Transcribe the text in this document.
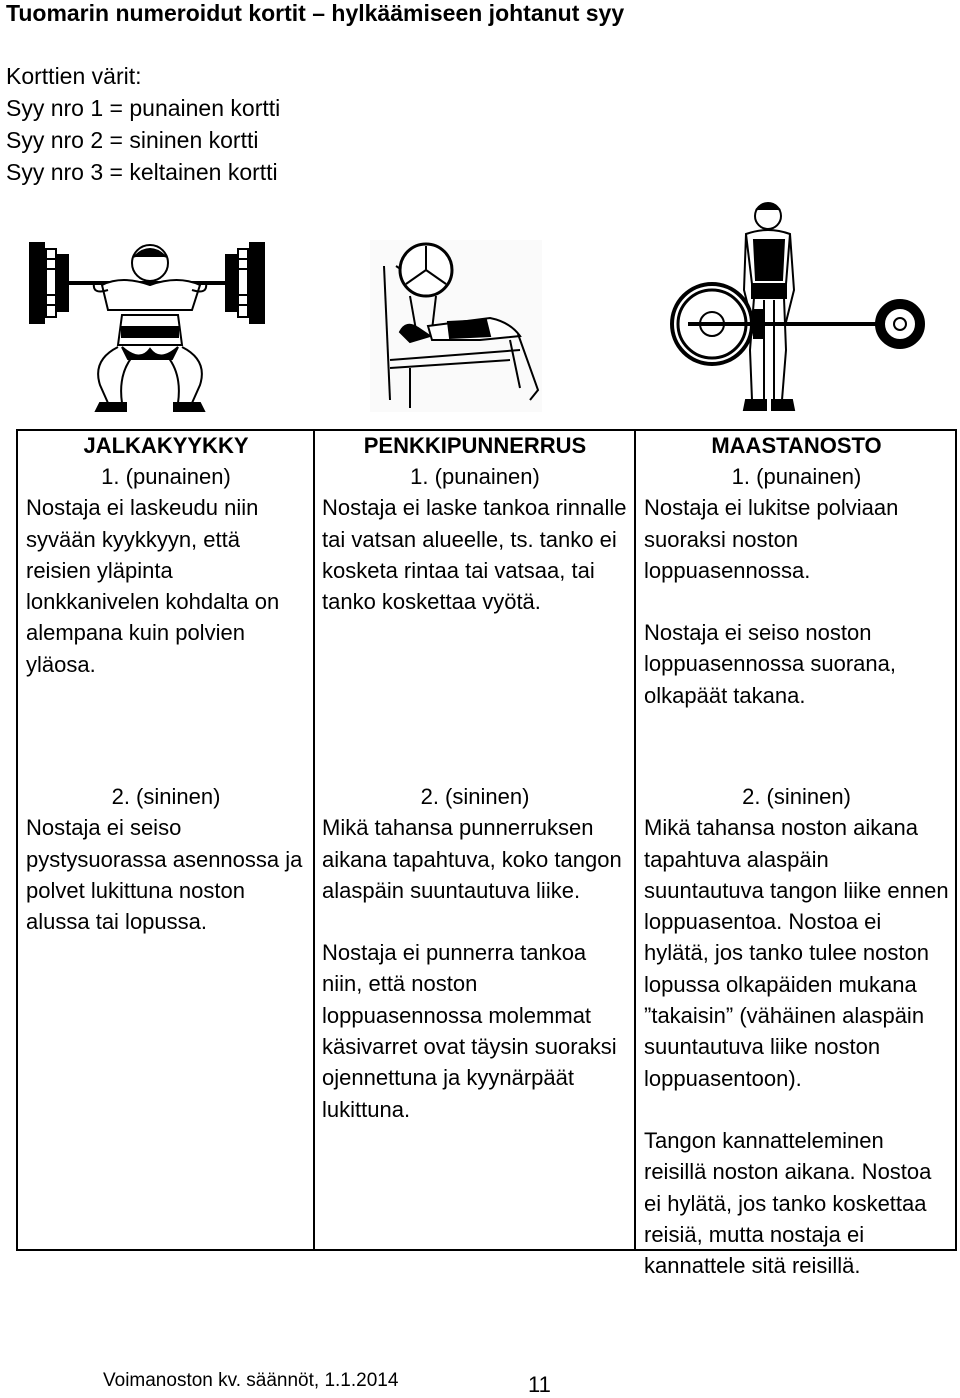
Tuomarin numeroidut kortit – hylkäämiseen johtanut syy
Korttien värit:
Syy nro 1 = punainen kortti
Syy nro 2 = sininen kortti
Syy nro 3 = keltainen kortti
JALKAKYYKKY
1. (punainen)

Nostaja ei laskeudu niin syvään kyykkyyn, että reisien yläpinta lonkkanivelen kohdalta on alempana kuin polvien yläosa.

2. (sininen)

Nostaja ei seiso pystysuorassa asennossa ja polvet lukittuna noston alussa tai lopussa.

PENKKIPUNNERRUS
1. (punainen)

Nostaja ei laske tankoa rinnalle tai vatsan alueelle, ts. tanko ei kosketa rintaa tai vatsaa, tai tanko koskettaa vyötä.

2. (sininen)

Mikä tahansa punnerruksen aikana tapahtuva, koko tangon alaspäin suuntautuva liike.

Nostaja ei punnerra tankoa niin, että noston loppuasennossa molemmat käsivarret ovat täysin suoraksi ojennettuna ja kyynärpäät lukittuna.

MAASTANOSTO
1. (punainen)

Nostaja ei lukitse polviaan suoraksi noston loppuasennossa.

Nostaja ei seiso noston loppuasennossa suorana, olkapäät takana.

2. (sininen)

Mikä tahansa noston aikana tapahtuva alaspäin suuntautuva tangon liike ennen loppuasentoa. Nostoa ei hylätä, jos tanko tulee noston lopussa olkapäiden mukana ”takaisin” (vähäinen alaspäin suuntautuva liike noston loppuasentoon).

Tangon kannatteleminen reisillä noston aikana. Nostoa ei hylätä, jos tanko koskettaa reisiä, mutta nostaja ei kannattele sitä reisillä.

Voimanoston kv. säännöt, 1.1.2014	11
